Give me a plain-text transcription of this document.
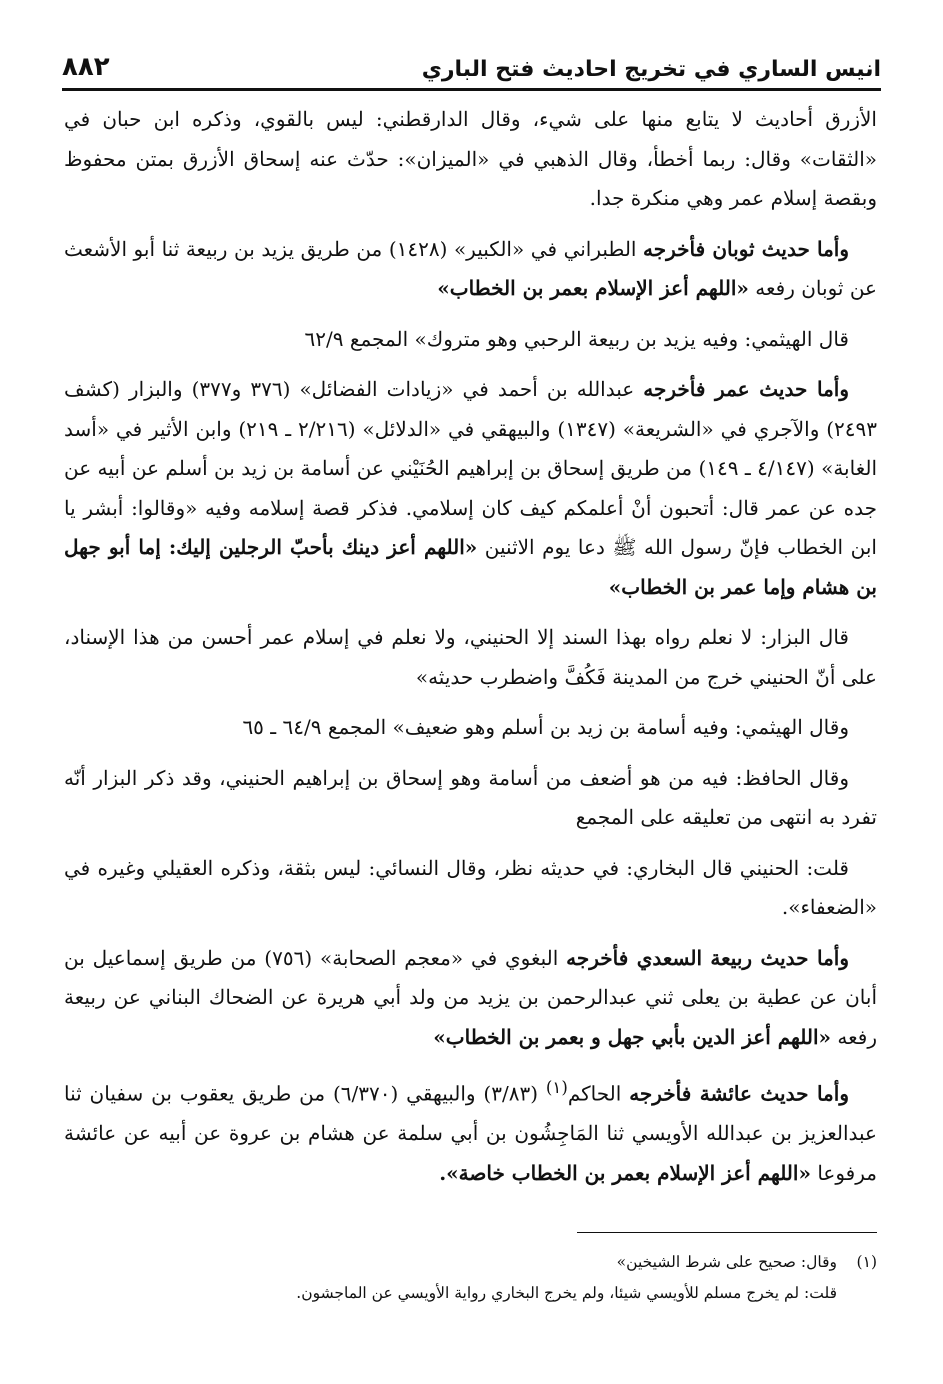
انيس الساري في تخريج احاديث فتح الباري
٨٨٢

الأزرق أحاديث لا يتابع منها على شيء، وقال الدارقطني: ليس بالقوي، وذكره ابن حبان في «الثقات» وقال: ربما أخطأ، وقال الذهبي في «الميزان»: حدّث عنه إسحاق الأزرق بمتن محفوظ وبقصة إسلام عمر وهي منكرة جدا.

وأما حديث ثوبان فأخرجه الطبراني في «الكبير» (١٤٢٨) من طريق يزيد بن ربيعة ثنا أبو الأشعث عن ثوبان رفعه «اللهم أعز الإسلام بعمر بن الخطاب»

قال الهيثمي: وفيه يزيد بن ربيعة الرحبي وهو متروك» المجمع ٦٢/٩

وأما حديث عمر فأخرجه عبدالله بن أحمد في «زيادات الفضائل» (٣٧٦ و٣٧٧) والبزار (كشف ٢٤٩٣) والآجري في «الشريعة» (١٣٤٧) والبيهقي في «الدلائل» (٢/٢١٦ ـ ٢١٩) وابن الأثير في «أسد الغابة» (٤/١٤٧ ـ ١٤٩) من طريق إسحاق بن إبراهيم الحُنَيْني عن أسامة بن زيد بن أسلم عن أبيه عن جده عن عمر قال: أتحبون أنْ أعلمكم كيف كان إسلامي. فذكر قصة إسلامه وفيه «وقالوا: أبشر يا ابن الخطاب فإنّ رسول الله ﷺ دعا يوم الاثنين «اللهم أعز دينك بأحبّ الرجلين إليك: إما أبو جهل بن هشام وإما عمر بن الخطاب»

قال البزار: لا نعلم رواه بهذا السند إلا الحنيني، ولا نعلم في إسلام عمر أحسن من هذا الإسناد، على أنّ الحنيني خرج من المدينة فَكُفَّ واضطرب حديثه»

وقال الهيثمي: وفيه أسامة بن زيد بن أسلم وهو ضعيف» المجمع ٦٤/٩ ـ ٦٥

وقال الحافظ: فيه من هو أضعف من أسامة وهو إسحاق بن إبراهيم الحنيني، وقد ذكر البزار أنّه تفرد به انتهى من تعليقه على المجمع

قلت: الحنيني قال البخاري: في حديثه نظر، وقال النسائي: ليس بثقة، وذكره العقيلي وغيره في «الضعفاء».

وأما حديث ربيعة السعدي فأخرجه البغوي في «معجم الصحابة» (٧٥٦) من طريق إسماعيل بن أبان عن عطية بن يعلى ثني عبدالرحمن بن يزيد من ولد أبي هريرة عن الضحاك البناني عن ربيعة رفعه «اللهم أعز الدين بأبي جهل و بعمر بن الخطاب»

وأما حديث عائشة فأخرجه الحاكم$^{(١)}$ (٣/٨٣) والبيهقي (٦/٣٧٠) من طريق يعقوب بن سفيان ثنا عبدالعزيز بن عبدالله الأويسي ثنا المَاجِشُون بن أبي سلمة عن هشام بن عروة عن أبيه عن عائشة مرفوعا «اللهم أعز الإسلام بعمر بن الخطاب خاصة».

(١)وقال: صحيح على شرط الشيخين»

قلت: لم يخرج مسلم للأويسي شيئا، ولم يخرج البخاري رواية الأويسي عن الماجشون.
